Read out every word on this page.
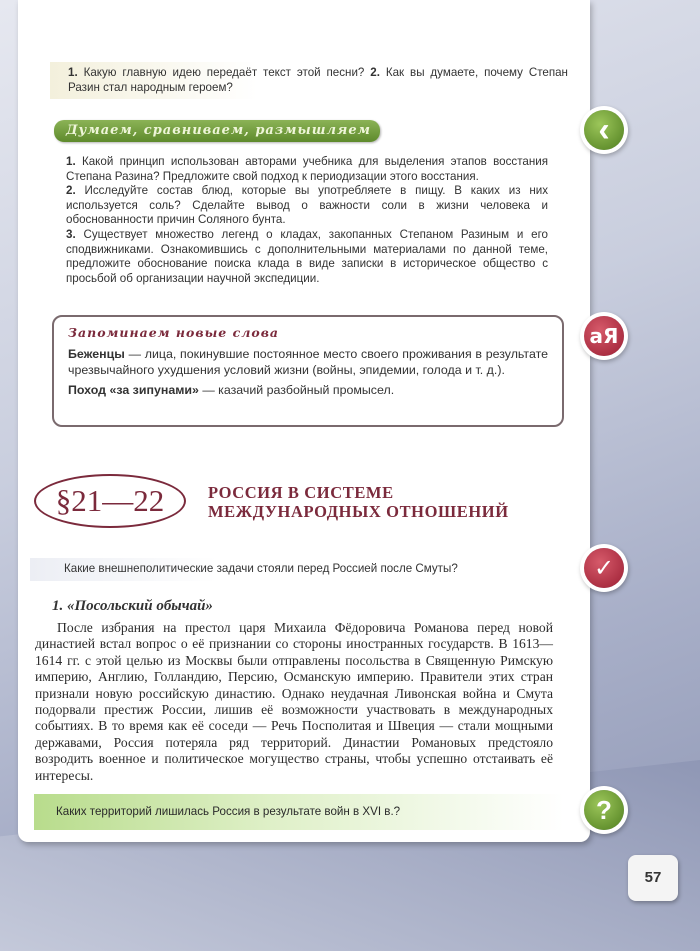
1. Какую главную идею передаёт текст этой песни? 2. Как вы думаете, почему Степан Разин стал народным героем?
Думаем, сравниваем, размышляем
1. Какой принцип использован авторами учебника для выделения этапов восстания Степана Разина? Предложите свой подход к периодизации этого восстания.
2. Исследуйте состав блюд, которые вы употребляете в пищу. В каких из них используется соль? Сделайте вывод о важности соли в жизни человека и обоснованности причин Соляного бунта.
3. Существует множество легенд о кладах, закопанных Степаном Разиным и его сподвижниками. Ознакомившись с дополнительными материалами по данной теме, предложите обоснование поиска клада в виде записки в историческое общество с просьбой об организации научной экспедиции.
Запоминаем новые слова

Беженцы — лица, покинувшие постоянное место своего проживания в результате чрезвычайного ухудшения условий жизни (войны, эпидемии, голода и т. д.).

Поход «за зипунами» — казачий разбойный промысел.

§21—22	РОССИЯ В СИСТЕМЕ
МЕЖДУНАРОДНЫХ ОТНОШЕНИЙ
Какие внешнеполитические задачи стояли перед Россией после Смуты?
1. «Посольский обычай»

После избрания на престол царя Михаила Фёдоровича Романова перед новой династией встал вопрос о её признании со стороны иностранных государств. В 1613—1614 гг. с этой целью из Москвы были отправлены посольства в Священную Римскую империю, Англию, Голландию, Персию, Османскую империю. Правители этих стран признали новую российскую династию. Однако неудачная Ливонская война и Смута подорвали престиж России, лишив её возможности участвовать в международных событиях. В то время как её соседи — Речь Посполитая и Швеция — стали мощными державами, Россия потеряла ряд территорий. Династии Романовых предстояло возродить военное и политическое могущество страны, чтобы успешно отстаивать её интересы.

Каких территорий лишилась Россия в результате войн в XVI в.?
‹
аЯ
✓
?
57
